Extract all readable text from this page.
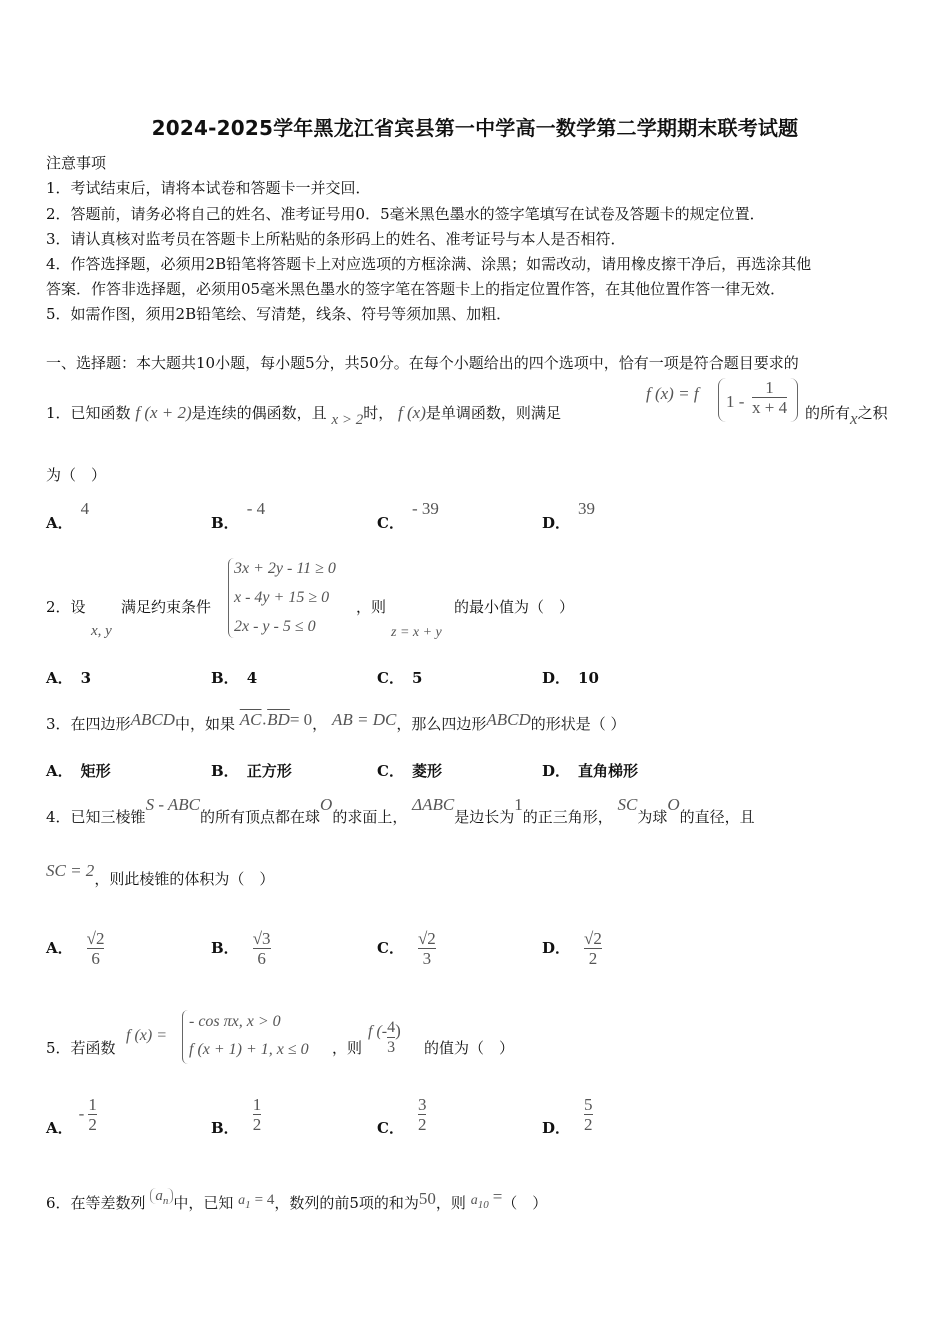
2024-2025学年黑龙江省宾县第一中学高一数学第二学期期末联考试题
注意事项
1．考试结束后，请将本试卷和答题卡一并交回．
2．答题前，请务必将自己的姓名、准考证号用0．5毫米黑色墨水的签字笔填写在试卷及答题卡的规定位置．
3．请认真核对监考员在答题卡上所粘贴的条形码上的姓名、准考证号与本人是否相符．
4．作答选择题，必须用2B铅笔将答题卡上对应选项的方框涂满、涂黑；如需改动，请用橡皮擦干净后，再选涂其他
答案．作答非选择题，必须用05毫米黑色墨水的签字笔在答题卡上的指定位置作答，在其他位置作答一律无效．
5．如需作图，须用2B铅笔绘、写清楚，线条、符号等须加黑、加粗．
一、选择题：本大题共10小题，每小题5分，共50分。在每个小题给出的四个选项中，恰有一项是符合题目要求的
1．已知函数 f (x + 2)是连续的偶函数，且 x > 2时， f (x)是单调函数，则满足
f (x) = f $1 - \frac{1}{x + 4}$ 的所有x之积
为（　）
A．4
B．- 4
C．- 39
D．39
2．设
x, y
满足约束条件
3x + 2y - 11 ≥ 0
x - 4y + 15 ≥ 0
2x - y - 5 ≤ 0
，则
z = x + y
的最小值为（　）
A． 3	B． 4	C． 5	D． 10
3．在四边形ABCD中，如果 $\overline{AC}\cdot\overline{BD}= 0$， AB = DC，那么四边形ABCD的形状是（ ）
A． 矩形	B． 正方形	C． 菱形	D． 直角梯形
4．已知三棱锥S - ABC的所有顶点都在球O的求面上， ΔABC是边长为1的正三角形， SC为球O的直径，且
SC = 2，则此棱锥的体积为（　）
A． $\frac{√2}{6}$	B． $\frac{√3}{6}$	C． $\frac{√2}{3}$	D． $\frac{√2}{2}$
5．若函数
f (x) =
- cos πx, x > 0
f (x + 1) + 1, x ≤ 0 ，则
f (- $\frac{4}{3}$ )
的值为（　）
A．- $\frac{1}{2}$	B． $\frac{1}{2}$	C． $\frac{3}{2}$	D． $\frac{5}{2}$
6．在等差数列 $a_n$ 中，已知 $a_1 = 4$，数列的前5项的和为50，则 $a_{10}$ =（　）
